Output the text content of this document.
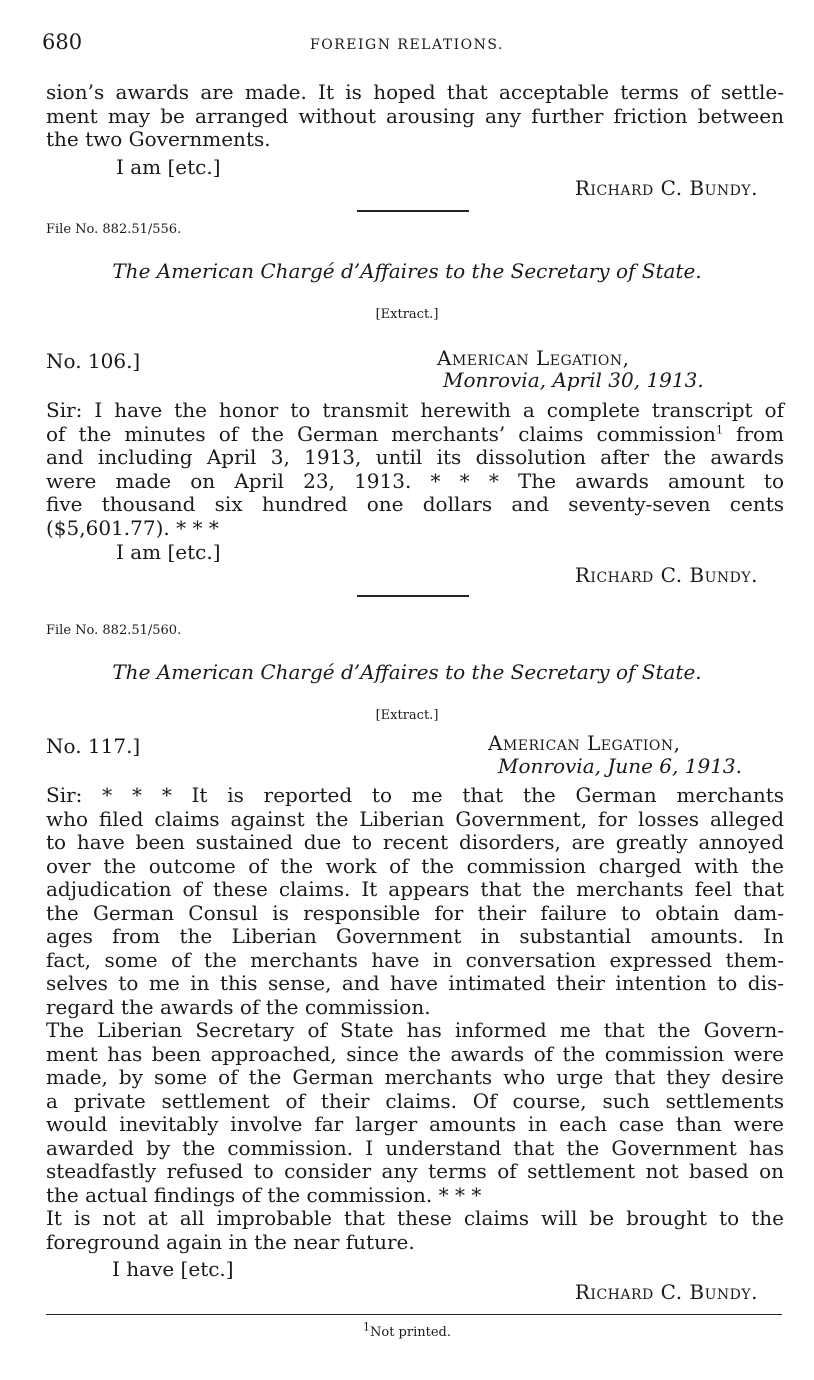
680	FOREIGN RELATIONS.
sion’s awards are made. It is hoped that acceptable terms of settle-
ment may be arranged without arousing any further friction between
the two Governments.
I am [etc.]
Richard C. Bundy.
File No. 882.51/556.
The American Chargé d’Affaires to the Secretary of State.
[Extract.]
No. 106.]	American Legation,
Monrovia, April 30, 1913.
Sir: I have the honor to transmit herewith a complete transcript of
of the minutes of the German merchants’ claims commission$^1$ from
and including April 3, 1913, until its dissolution after the awards
were made on April 23, 1913. * * * The awards amount to
five thousand six hundred one dollars and seventy-seven cents
($5,601.77). * * *
I am [etc.]
Richard C. Bundy.
File No. 882.51/560.
The American Chargé d’Affaires to the Secretary of State.
[Extract.]
No. 117.]	American Legation,
Monrovia, June 6, 1913.
Sir: * * * It is reported to me that the German merchants
who filed claims against the Liberian Government, for losses alleged
to have been sustained due to recent disorders, are greatly annoyed
over the outcome of the work of the commission charged with the
adjudication of these claims. It appears that the merchants feel that
the German Consul is responsible for their failure to obtain dam-
ages from the Liberian Government in substantial amounts. In
fact, some of the merchants have in conversation expressed them-
selves to me in this sense, and have intimated their intention to dis-
regard the awards of the commission.
The Liberian Secretary of State has informed me that the Govern-
ment has been approached, since the awards of the commission were
made, by some of the German merchants who urge that they desire
a private settlement of their claims. Of course, such settlements
would inevitably involve far larger amounts in each case than were
awarded by the commission. I understand that the Government has
steadfastly refused to consider any terms of settlement not based on
the actual findings of the commission. * * *
It is not at all improbable that these claims will be brought to the
foreground again in the near future.
I have [etc.]
Richard C. Bundy.
$^1$Not printed.
